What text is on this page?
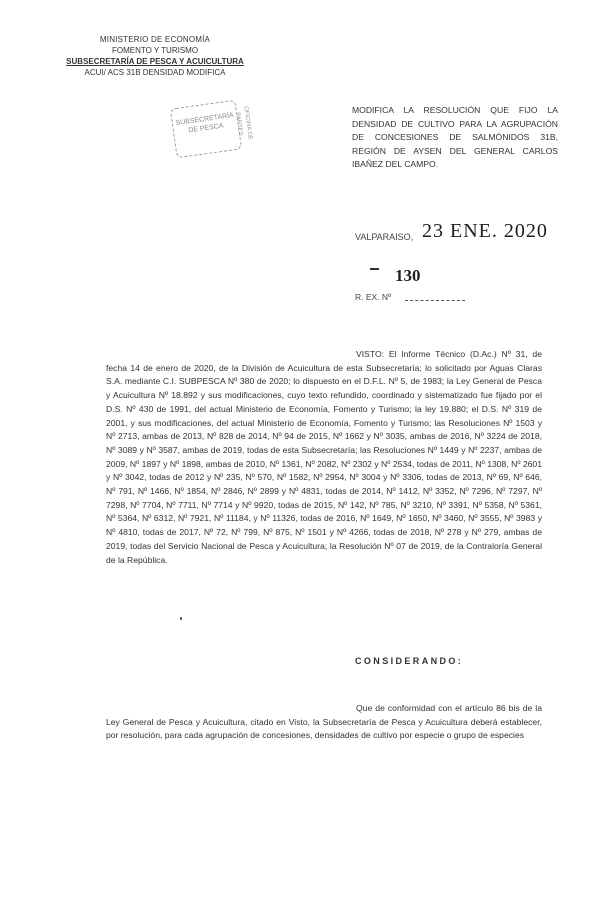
MINISTERIO DE ECONOMÍA
FOMENTO Y TURISMO
SUBSECRETARÍA DE PESCA Y ACUICULTURA
ACUI/ ACS 31B DENSIDAD MODIFICA
SUBSECRETARÍA DE PESCA	OFICINA DE PARTES
MODIFICA LA RESOLUCIÓN QUE FIJO LA DENSIDAD DE CULTIVO PARA LA AGRUPACIÓN DE CONCESIONES DE SALMÓNIDOS 31B, REGIÓN DE AYSEN DEL GENERAL CARLOS IBAÑEZ DEL CAMPO.
VALPARAISO, 23 ENE. 2020
130
R. EX. Nº
VISTO: El Informe Técnico (D.Ac.) Nº 31, de fecha 14 de enero de 2020, de la División de Acuicultura de esta Subsecretaría; lo solicitado por Aguas Claras S.A. mediante C.I. SUBPESCA Nº 380 de 2020; lo dispuesto en el D.F.L. Nº 5, de 1983; la Ley General de Pesca y Acuicultura Nº 18.892 y sus modificaciones, cuyo texto refundido, coordinado y sistematizado fue fijado por el D.S. Nº 430 de 1991, del actual Ministerio de Economía, Fomento y Turismo; la ley 19.880; el D.S. Nº 319 de 2001, y sus modificaciones, del actual Ministerio de Economía, Fomento y Turismo; las Resoluciones Nº 1503 y Nº 2713, ambas de 2013, Nº 828 de 2014, Nº 94 de 2015, Nº 1662 y Nº 3035, ambas de 2016, Nº 3224 de 2018, Nº 3089 y Nº 3587, ambas de 2019, todas de esta Subsecretaría; las Resoluciones Nº 1449 y Nº 2237, ambas de 2009, Nº 1897 y Nº 1898, ambas de 2010, Nº 1361, Nº 2082, Nº 2302 y Nº 2534, todas de 2011, Nº 1308, Nº 2601 y Nº 3042, todas de 2012 y Nº 235, Nº 570, Nº 1582, Nº 2954, Nº 3004 y Nº 3306, todas de 2013, Nº 69, Nº 646, Nº 791, Nº 1466, Nº 1854, Nº 2846, Nº 2899 y Nº 4831, todas de 2014, Nº 1412, Nº 3352, Nº 7296, Nº 7297, Nº 7298, Nº 7704, Nº 7711, Nº 7714 y Nº 9920, todas de 2015, Nº 142, Nº 785, Nº 3210, Nº 3391, Nº 5358, Nº 5361, Nº 5364, Nº 6312, Nº 7921, Nº 11184, y Nº 11326, todas de 2016, Nº 1649, Nº 1650, Nº 3460, Nº 3555, Nº 3983 y Nº 4810, todas de 2017, Nº 72, Nº 799, Nº 875, Nº 1501 y Nº 4266, todas de 2018, Nº 278 y Nº 279, ambas de 2019, todas del Servicio Nacional de Pesca y Acuicultura; la Resolución Nº 07 de 2019, de la Contraloría General de la República.
CONSIDERANDO:
Que de conformidad con el artículo 86 bis de la Ley General de Pesca y Acuicultura, citado en Visto, la Subsecretaría de Pesca y Acuicultura deberá establecer, por resolución, para cada agrupación de concesiones, densidades de cultivo por especie o grupo de especies
